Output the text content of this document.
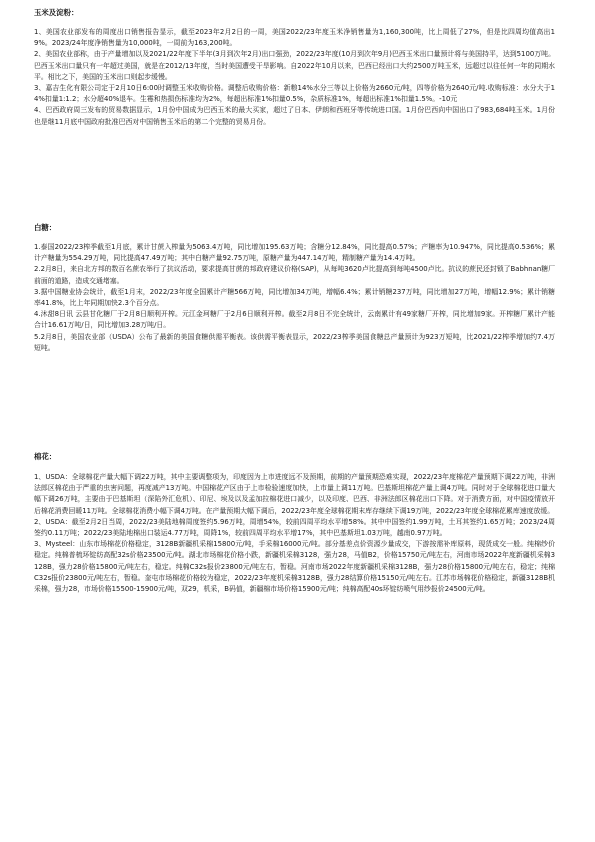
玉米及淀粉：

1、美国农业部发布的周度出口销售报告显示，截至2023年2月2日的一周，美国2022/23年度玉米净销售量为1,160,300吨，比上周低了27%，但是比四周均值高出19%。2023/24年度净销售量为10,000吨，一周前为163,200吨。

2、美国农业部称，由于产量增加以及2021/22年度下半年(3月到次年2月)出口强劲，2022/23年度(10月到次年9月)巴西玉米出口量预计将与美国持平，达到5100万吨。巴西玉米出口量只有一年超过美国，就是在2012/13年度，当时美国遭受干旱影响。自2022年10月以来，巴西已经出口大约2500万吨玉米，远超过以往任何一年的同期水平。相比之下，美国的玉米出口则起步缓慢。

3、嘉吉生化有限公司定于2月10日6:00时调整玉米收购价格。调整后收购价格：新粮14%水分三等以上价格为2660元/吨，四等价格为2640元/吨.收购标准：水分大于14%扣量1:1.2；水分超40%退车。生霉和热损伤标准均为2%，每超出标准1%扣量0.5%，杂质标准1%，每超出标准1%扣量1.5%。-10元

4、巴西政府周三发布的贸易数据显示，1月份中国成为巴西玉米的最大买家，超过了日本、伊朗和西班牙等传统进口国。1月份巴西向中国出口了983,684吨玉米。1月份也是继11月底中国政府批准巴西对中国销售玉米后的第二个完整的贸易月份。

白糖：

1.泰国2022/23榨季截至1月底，累计甘蔗入榨量为5063.4万吨，同比增加195.63万吨；含糖分12.84%，同比提高0.57%；产糖率为10.947%，同比提高0.536%；累计产糖量为554.29万吨，同比提高47.49万吨；其中白糖产量92.75万吨，原糖产量为447.14万吨，精制糖产量为14.4万吨。

2.2月8日，来自北方邦的数百名蔗农举行了抗议活动，要求提高甘蔗的邦政府建议价格(SAP)，从每吨3620卢比提高到每吨4500卢比。抗议的蔗民还封锁了Babhnan糖厂前面的道路，造成交通堵塞。

3.据中国糖业协会统计，截至1月末，2022/23年度全国累计产糖566万吨，同比增加34万吨，增幅6.4%；累计销糖237万吨，同比增加27万吨，增幅12.9%；累计销糖率41.8%，比上年同期加快2.3个百分点。

4.沐甜8日讯 云县甘化糖厂于2月8日顺利开榨。元江金珂糖厂于2月6日顺利开榨。截至2月8日不完全统计，云南累计有49家糖厂开榨，同比增加9家。开榨糖厂累计产能合计16.61万吨/日，同比增加3.28万吨/日。

5.2月8日，美国农业部（USDA）公布了最新的美国食糖供需平衡表。该供需平衡表显示，2022/23榨季美国食糖总产量预计为923万短吨，比2021/22榨季增加约7.4万短吨。

棉花：

1、USDA：全球棉花产量大幅下调22万吨，其中主要调整项为，印度因为上市进度远不及预期，前期的产量预期恐难实现，2022/23年度棉花产量预期下调22万吨，非洲法郎区棉花由于严重的虫害问题，再度减产13万吨。中国棉花产区由于上市检验速度加快，上市量上调11万吨。巴基斯坦棉花产量上调4万吨。同时对于全球棉花进口量大幅下调26万吨，主要由于巴基斯坦（深陷外汇危机）、印尼、埃及以及孟加拉棉花进口减少，以及印度、巴西、非洲法郎区棉花出口下降。对于消费方面，对中国疫情放开后棉花消费回暖11万吨。全球棉花消费小幅下调4万吨。在产量预期大幅下调后，2022/23年度全球棉花期末库存继续下调19万吨，2022/23年度全球棉花累库速度放缓。

2、USDA：截至2月2日当周，2022/23美陆地棉周度签约5.96万吨，周增54%，较前四周平均水平增58%。其中中国签约1.99万吨，土耳其签约1.65万吨；2023/24周签约0.11万吨；2022/23美陆地棉出口装运4.77万吨，周降1%，较前四周平均水平增17%，其中巴基斯坦1.03万吨，越南0.97万吨。

3、Mysteel：山东市场棉花价格稳定，3128B新疆机采棉15800元/吨，手采棉16000元/吨。部分基差点价资源少量成交，下游按需补库原料，现货成交一般。纯棉纱价稳定。纯棉普梳环锭纺高配32s价格23500元/吨。湖北市场棉花价格小跌，新疆机采棉3128，强力28，马值B2，价格15750元/吨左右，河南市场2022年度新疆机采棉3128B，强力28价格15800元/吨左右，稳定。纯棉C32s报价23800元/吨左右，暂稳。河南市场2022年度新疆机采棉3128B，强力28价格15800元/吨左右，稳定；纯棉C32s报价23800元/吨左右，暂稳。奎屯市场棉花价格较为稳定，2022/23年度机采棉3128B，强力28结算价格15150元/吨左右。江苏市场棉花价格稳定，新疆3128B机采棉，强力28，市场价格15500-15900元/吨，双29，机采，B码值，新疆棉市场价格15900元/吨；纯棉高配40s环锭纺喷气用纱报价24500元/吨。
